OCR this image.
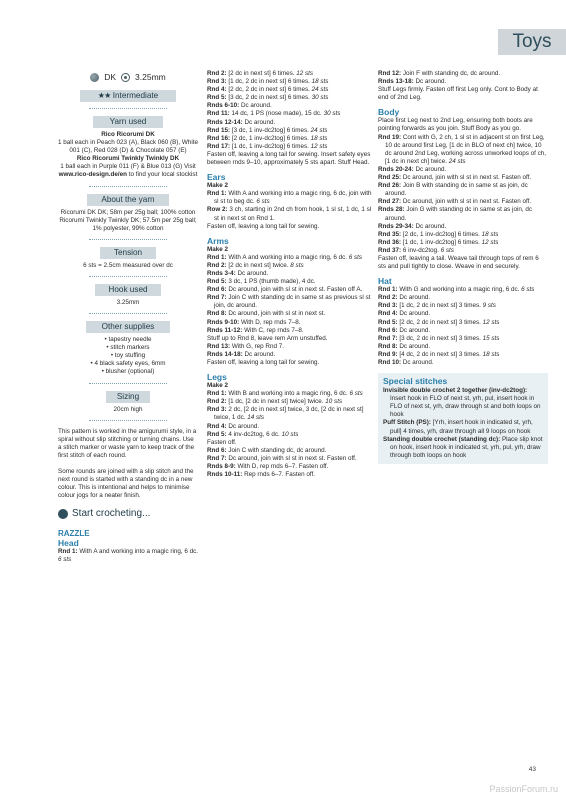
Toys
DK 3.25mm
★★ Intermediate
Yarn used
Rico Ricorumi DK
1 ball each in Peach 023 (A), Black 060 (B), White 001 (C), Red 028 (D) & Chocolate 057 (E)
Rico Ricorumi Twinkly Twinkly DK
1 ball each in Purple 011 (F) & Blue 013 (G) Visit www.rico-design.de/en to find your local stockist
About the yarn
Ricorumi DK DK; 58m per 25g ball; 100% cotton Ricorumi Twinkly Twinkly DK; 57.5m per 25g ball; 1% polyester, 99% cotton
Tension
6 sts = 2.5cm measured over dc
Hook used
3.25mm
Other supplies
• tapestry needle
• stitch markers
• toy stuffing
• 4 black safety eyes, 6mm
• blusher (optional)
Sizing
20cm high

This pattern is worked in the amigurumi style, in a spiral without slip stitching or turning chains. Use a stitch marker or waste yarn to keep track of the first stitch of each round.

Some rounds are joined with a slip stitch and the next round is started with a standing dc in a new colour. This is intentional and helps to minimise colour jogs for a neater finish.

Start crocheting...
RAZZLE
Head
Rnd 1: With A and working into a magic ring, 6 dc. 6 sts
Rnd 2: [2 dc in next st] 6 times. 12 sts
Rnd 3: [1 dc, 2 dc in next st] 6 times. 18 sts
Rnd 4: [2 dc, 2 dc in next st] 6 times. 24 sts
Rnd 5: [3 dc, 2 dc in next st] 6 times. 30 sts
Rnds 6-10: Dc around.
Rnd 11: 14 dc, 1 PS (nose made), 15 dc. 30 sts
Rnds 12-14: Dc around.
Rnd 15: [3 dc, 1 inv-dc2tog] 6 times. 24 sts
Rnd 16: [2 dc, 1 inv-dc2tog] 6 times. 18 sts
Rnd 17: [1 dc, 1 inv-dc2tog] 6 times. 12 sts
Fasten off, leaving a long tail for sewing. Insert safety eyes between rnds 9–10, approximately 5 sts apart. Stuff Head.
Ears
Make 2
Rnd 1: With A and working into a magic ring, 6 dc, join with sl st to beg dc. 6 sts
Row 2: 3 ch, starting in 2nd ch from hook, 1 sl st, 1 dc, 1 sl st in next st on Rnd 1.
Fasten off, leaving a long tail for sewing.
Arms
Make 2
Rnd 1: With A and working into a magic ring, 6 dc. 6 sts
Rnd 2: [2 dc in next st] twice. 8 sts
Rnds 3-4: Dc around.
Rnd 5: 3 dc, 1 PS (thumb made), 4 dc.
Rnd 6: Dc around, join with sl st in next st. Fasten off A.
Rnd 7: Join C with standing dc in same st as previous sl st join, dc around.
Rnd 8: Dc around, join with sl st in next st.
Rnds 9-10: With D, rep rnds 7–8.
Rnds 11-12: With C, rep rnds 7–8.
Stuff up to Rnd 8, leave rem Arm unstuffed.
Rnd 13: With G, rep Rnd 7.
Rnds 14-18: Dc around.
Fasten off, leaving a long tail for sewing.
Legs
Make 2
Rnd 1: With B and working into a magic ring, 6 dc. 6 sts
Rnd 2: [1 dc, [2 dc in next st] twice] twice. 10 sts
Rnd 3: 2 dc, [2 dc in next st] twice, 3 dc, [2 dc in next st] twice, 1 dc. 14 sts
Rnd 4: Dc around.
Rnd 5: 4 inv-dc2tog, 6 dc. 10 sts
Fasten off.
Rnd 6: Join C with standing dc, dc around.
Rnd 7: Dc around, join with sl st in next st. Fasten off.
Rnds 8-9: With D, rep rnds 6–7. Fasten off.
Rnds 10-11: Rep rnds 6–7. Fasten off.
Rnd 12: Join F with standing dc, dc around.
Rnds 13-18: Dc around.
Stuff Legs firmly. Fasten off first Leg only. Cont to Body at end of 2nd Leg.
Body
Place first Leg next to 2nd Leg, ensuring both boots are pointing forwards as you join. Stuff Body as you go.
Rnd 19: Cont with G, 2 ch, 1 sl st in adjacent st on first Leg, 10 dc around first Leg, [1 dc in BLO of next ch] twice, 10 dc around 2nd Leg, working across unworked loops of ch, [1 dc in next ch] twice. 24 sts
Rnds 20-24: Dc around.
Rnd 25: Dc around, join with sl st in next st. Fasten off.
Rnd 26: Join B with standing dc in same st as join, dc around.
Rnd 27: Dc around, join with sl st in next st. Fasten off.
Rnds 28: Join G with standing dc in same st as join, dc around.
Rnds 29-34: Dc around.
Rnd 35: [2 dc, 1 inv-dc2tog] 6 times. 18 sts
Rnd 36: [1 dc, 1 inv-dc2tog] 6 times. 12 sts
Rnd 37: 6 inv-dc2tog. 6 sts
Fasten off, leaving a tail. Weave tail through tops of rem 6 sts and pull tightly to close. Weave in end securely.
Hat
Rnd 1: With G and working into a magic ring, 6 dc. 6 sts
Rnd 2: Dc around.
Rnd 3: [1 dc, 2 dc in next st] 3 times. 9 sts
Rnd 4: Dc around.
Rnd 5: [2 dc, 2 dc in next st] 3 times. 12 sts
Rnd 6: Dc around.
Rnd 7: [3 dc, 2 dc in next st] 3 times. 15 sts
Rnd 8: Dc around.
Rnd 9: [4 dc, 2 dc in next st] 3 times. 18 sts
Rnd 10: Dc around.
Special stitches
Invisible double crochet 2 together (inv-dc2tog): Insert hook in FLO of next st, yrh, pul, insert hook in FLO of next st, yrh, draw through st and both loops on hook
Puff Stitch (PS): [Yrh, insert hook in indicated st, yrh, pull] 4 times, yrh, draw through all 9 loops on hook
Standing double crochet (standing dc): Place slip knot on hook, insert hook in indicated st, yrh, pul, yrh, draw through both loops on hook
43
PassionForum.ru
